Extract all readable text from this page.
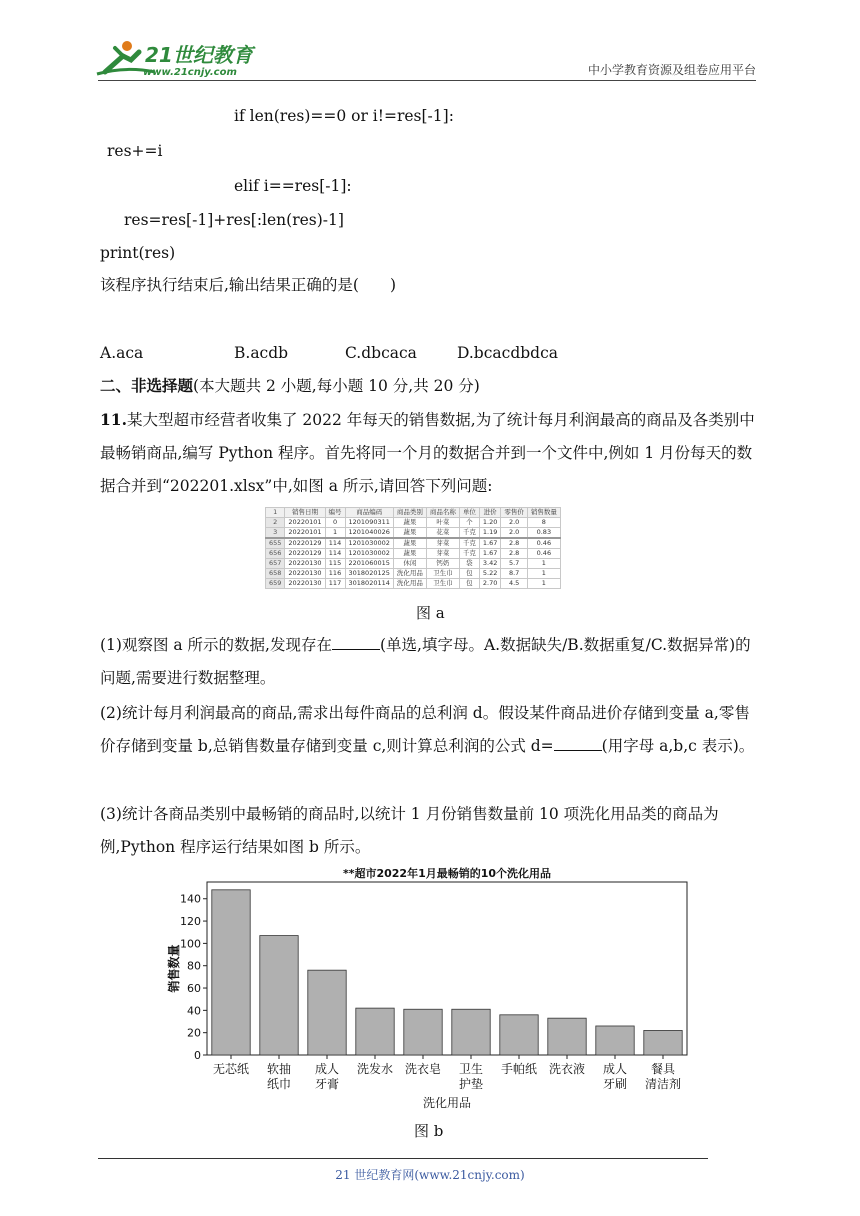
21世纪教育
www.21cnjy.com	中小学教育资源及组卷应用平台
if len(res)==0 or i!=res[-1]:
res+=i
elif i==res[-1]:
res=res[-1]+res[:len(res)-1]
print(res)
该程序执行结束后,输出结果正确的是(　　)
A.aca	B.acdb	C.dbcaca	D.bcacdbdca
二、非选择题(本大题共 2 小题,每小题 10 分,共 20 分)
11.某大型超市经营者收集了 2022 年每天的销售数据,为了统计每月利润最高的商品及各类别中最畅销商品,编写 Python 程序。首先将同一个月的数据合并到一个文件中,例如 1 月份每天的数据合并到“202201.xlsx”中,如图 a 所示,请回答下列问题:
1	销售日期	编号	商品编码	商品类别	商品名称	单位	进价	零售价	销售数量
2	20220101	0	1201090311	蔬果	叶菜	个	1.20	2.0	8
3	20220101	1	1201040026	蔬果	花菜	千克	1.19	2.0	0.83
655	20220129	114	1201030002	蔬果	芽菜	千克	1.67	2.8	0.46
656	20220129	114	1201030002	蔬果	芽菜	千克	1.67	2.8	0.46
657	20220130	115	2201060015	休闲	钙奶	袋	3.42	5.7	1
658	20220130	116	3018020125	洗化用品	卫生巾	包	5.22	8.7	1
659	20220130	117	3018020114	洗化用品	卫生巾	包	2.70	4.5	1
图 a
(1)观察图 a 所示的数据,发现存在	(单选,填字母。A.数据缺失/B.数据重复/C.数据异常)的问题,需要进行数据整理。
(2)统计每月利润最高的商品,需求出每件商品的总利润 d。假设某件商品进价存储到变量 a,零售价存储到变量 b,总销售数量存储到变量 c,则计算总利润的公式 d=	(用字母 a,b,c 表示)。
(3)统计各商品类别中最畅销的商品时,以统计 1 月份销售数量前 10 项洗化用品类的商品为例,Python 程序运行结果如图 b 所示。
**超市2022年1月最畅销的10个洗化用品
0
20
40
60
80
100
120
140
无芯纸 软抽
纸巾
成人
牙膏
洗发水 洗衣皂 卫生
护垫
手帕纸 洗衣液 成人
牙刷
餐具
清洁剂
洗化用品
销售数量
图 b
21 世纪教育网(www.21cnjy.com)
